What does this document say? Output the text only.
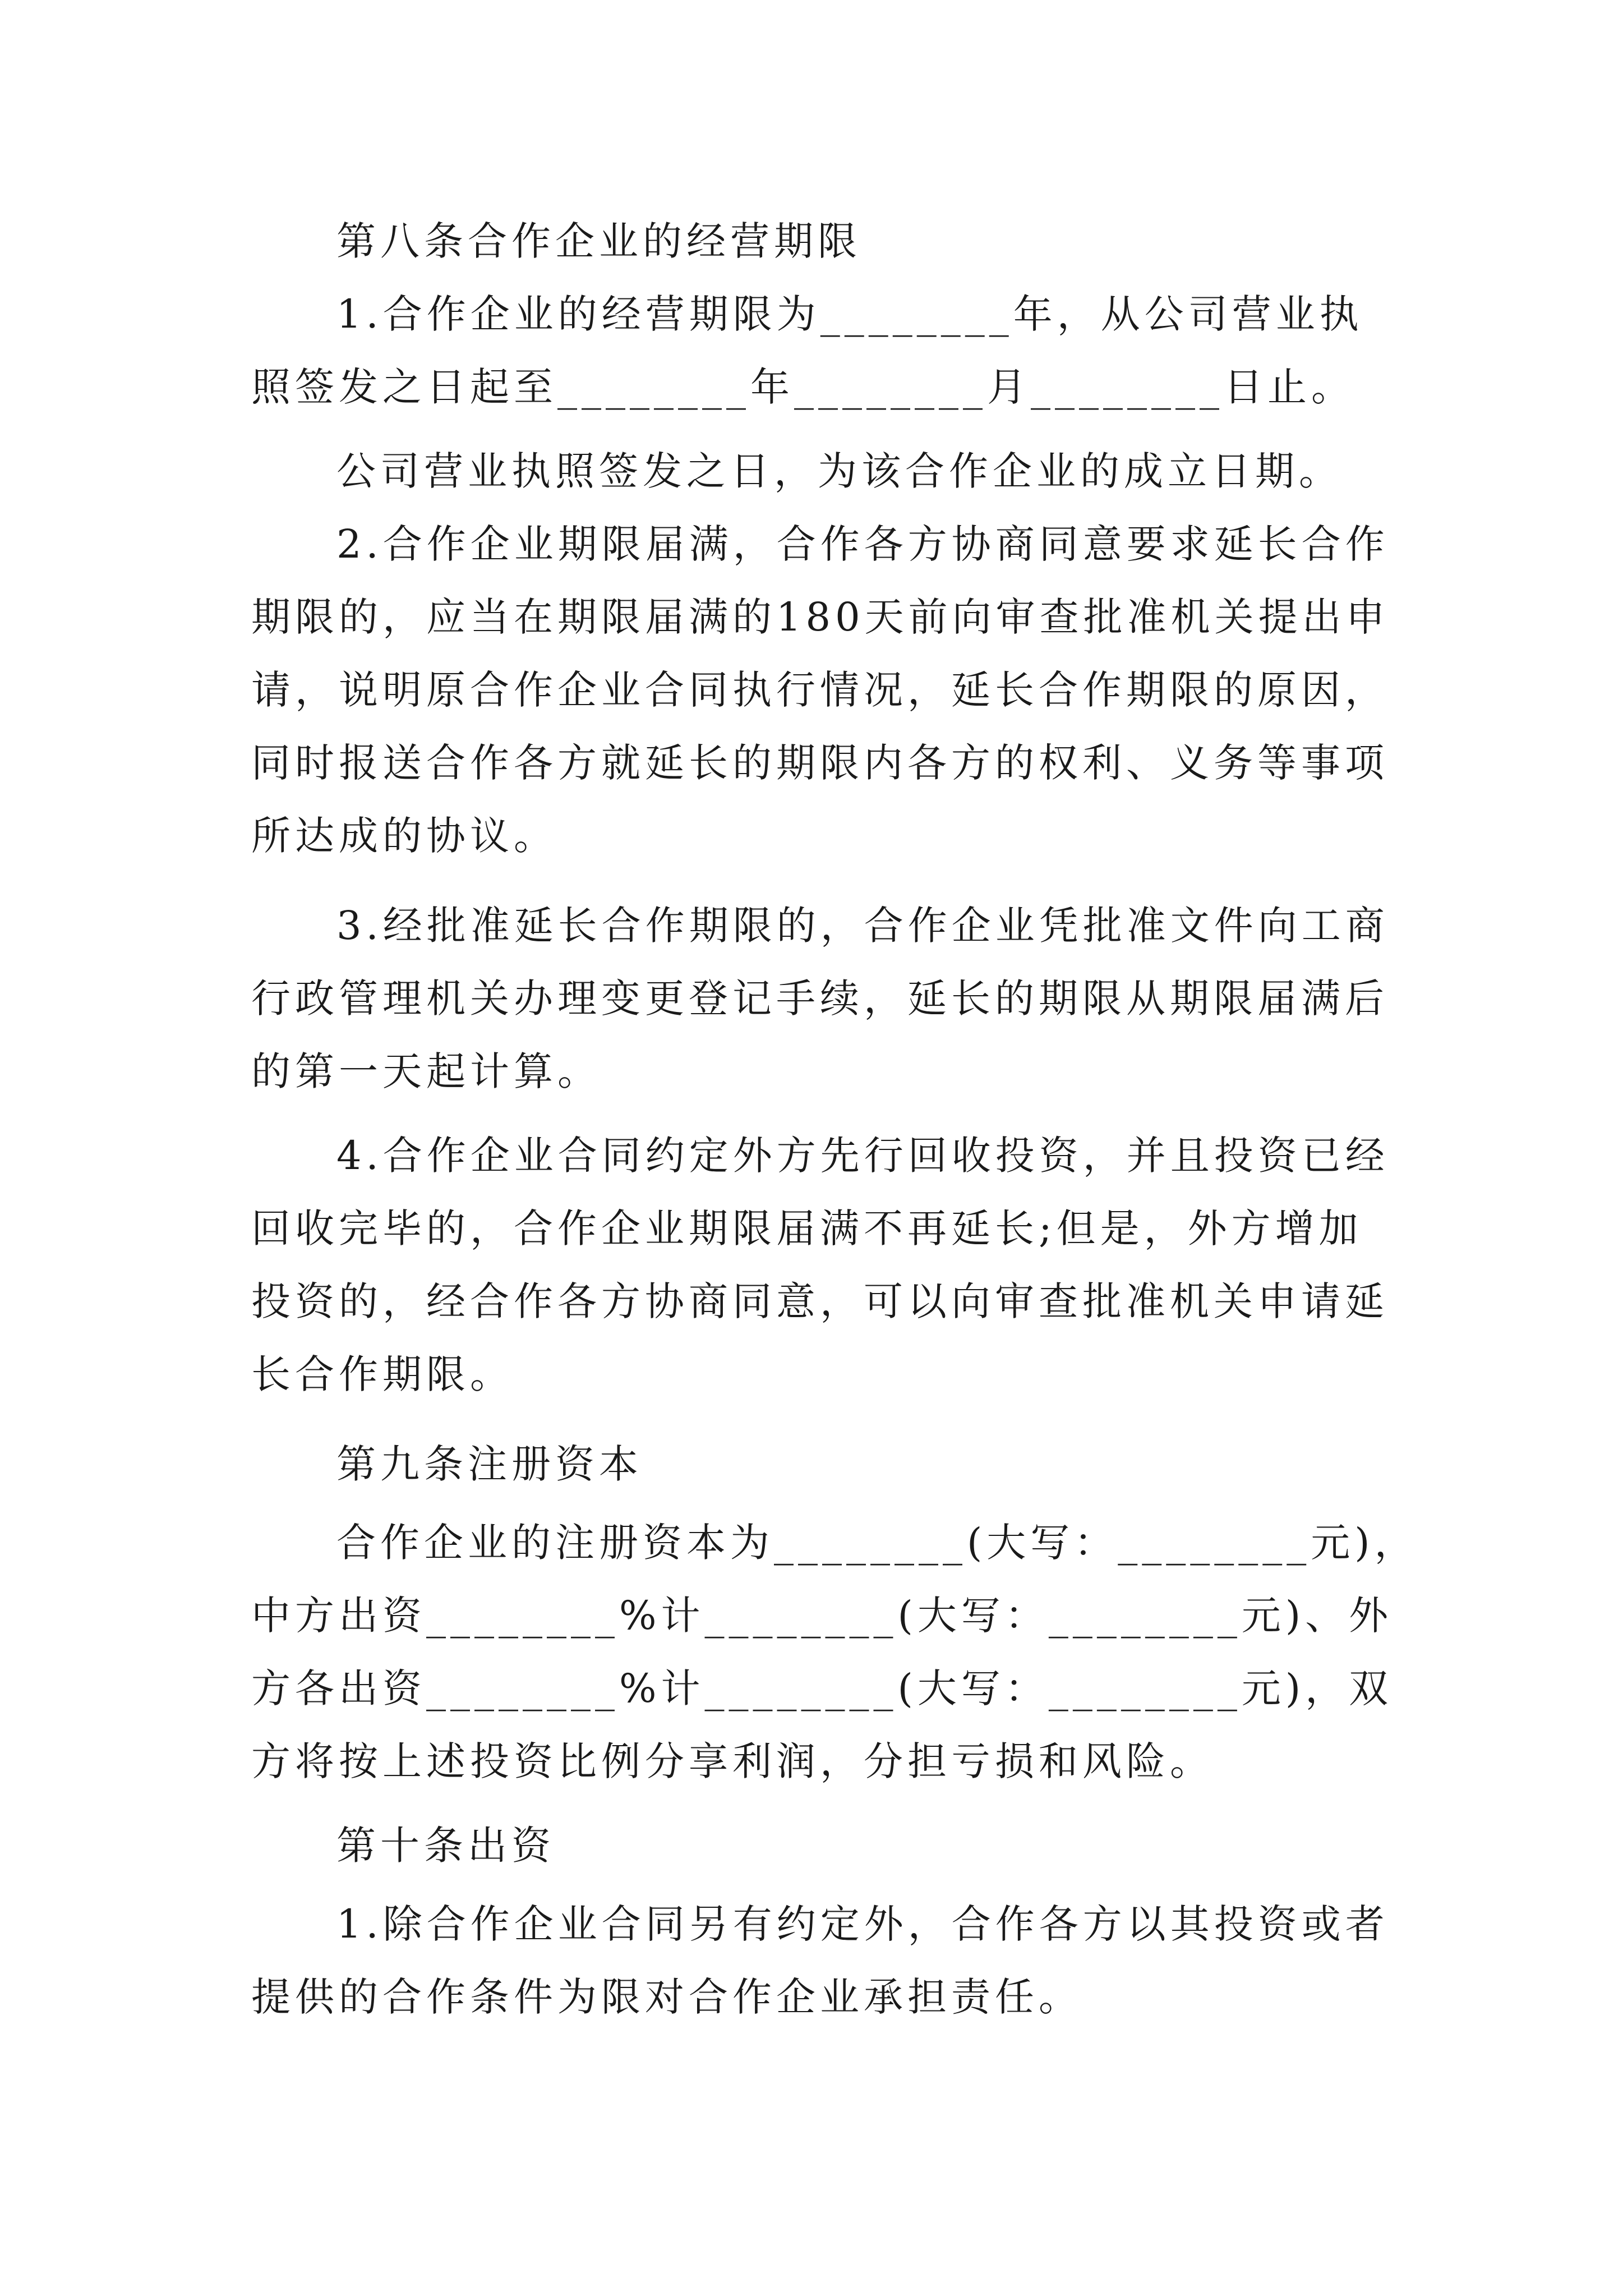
第八条合作企业的经营期限
1.合作企业的经营期限为________年，从公司营业执
照签发之日起至________年________月________日止。
公司营业执照签发之日，为该合作企业的成立日期。
2.合作企业期限届满，合作各方协商同意要求延长合作
期限的，应当在期限届满的180天前向审查批准机关提出申
请，说明原合作企业合同执行情况，延长合作期限的原因，
同时报送合作各方就延长的期限内各方的权利、义务等事项
所达成的协议。
3.经批准延长合作期限的，合作企业凭批准文件向工商
行政管理机关办理变更登记手续，延长的期限从期限届满后
的第一天起计算。
4.合作企业合同约定外方先行回收投资，并且投资已经
回收完毕的，合作企业期限届满不再延长;但是，外方增加
投资的，经合作各方协商同意，可以向审查批准机关申请延
长合作期限。
第九条注册资本
合作企业的注册资本为________(大写：________元)，
中方出资________%计________(大写：________元)、外
方各出资________%计________(大写：________元)，双
方将按上述投资比例分享利润，分担亏损和风险。
第十条出资
1.除合作企业合同另有约定外，合作各方以其投资或者
提供的合作条件为限对合作企业承担责任。
